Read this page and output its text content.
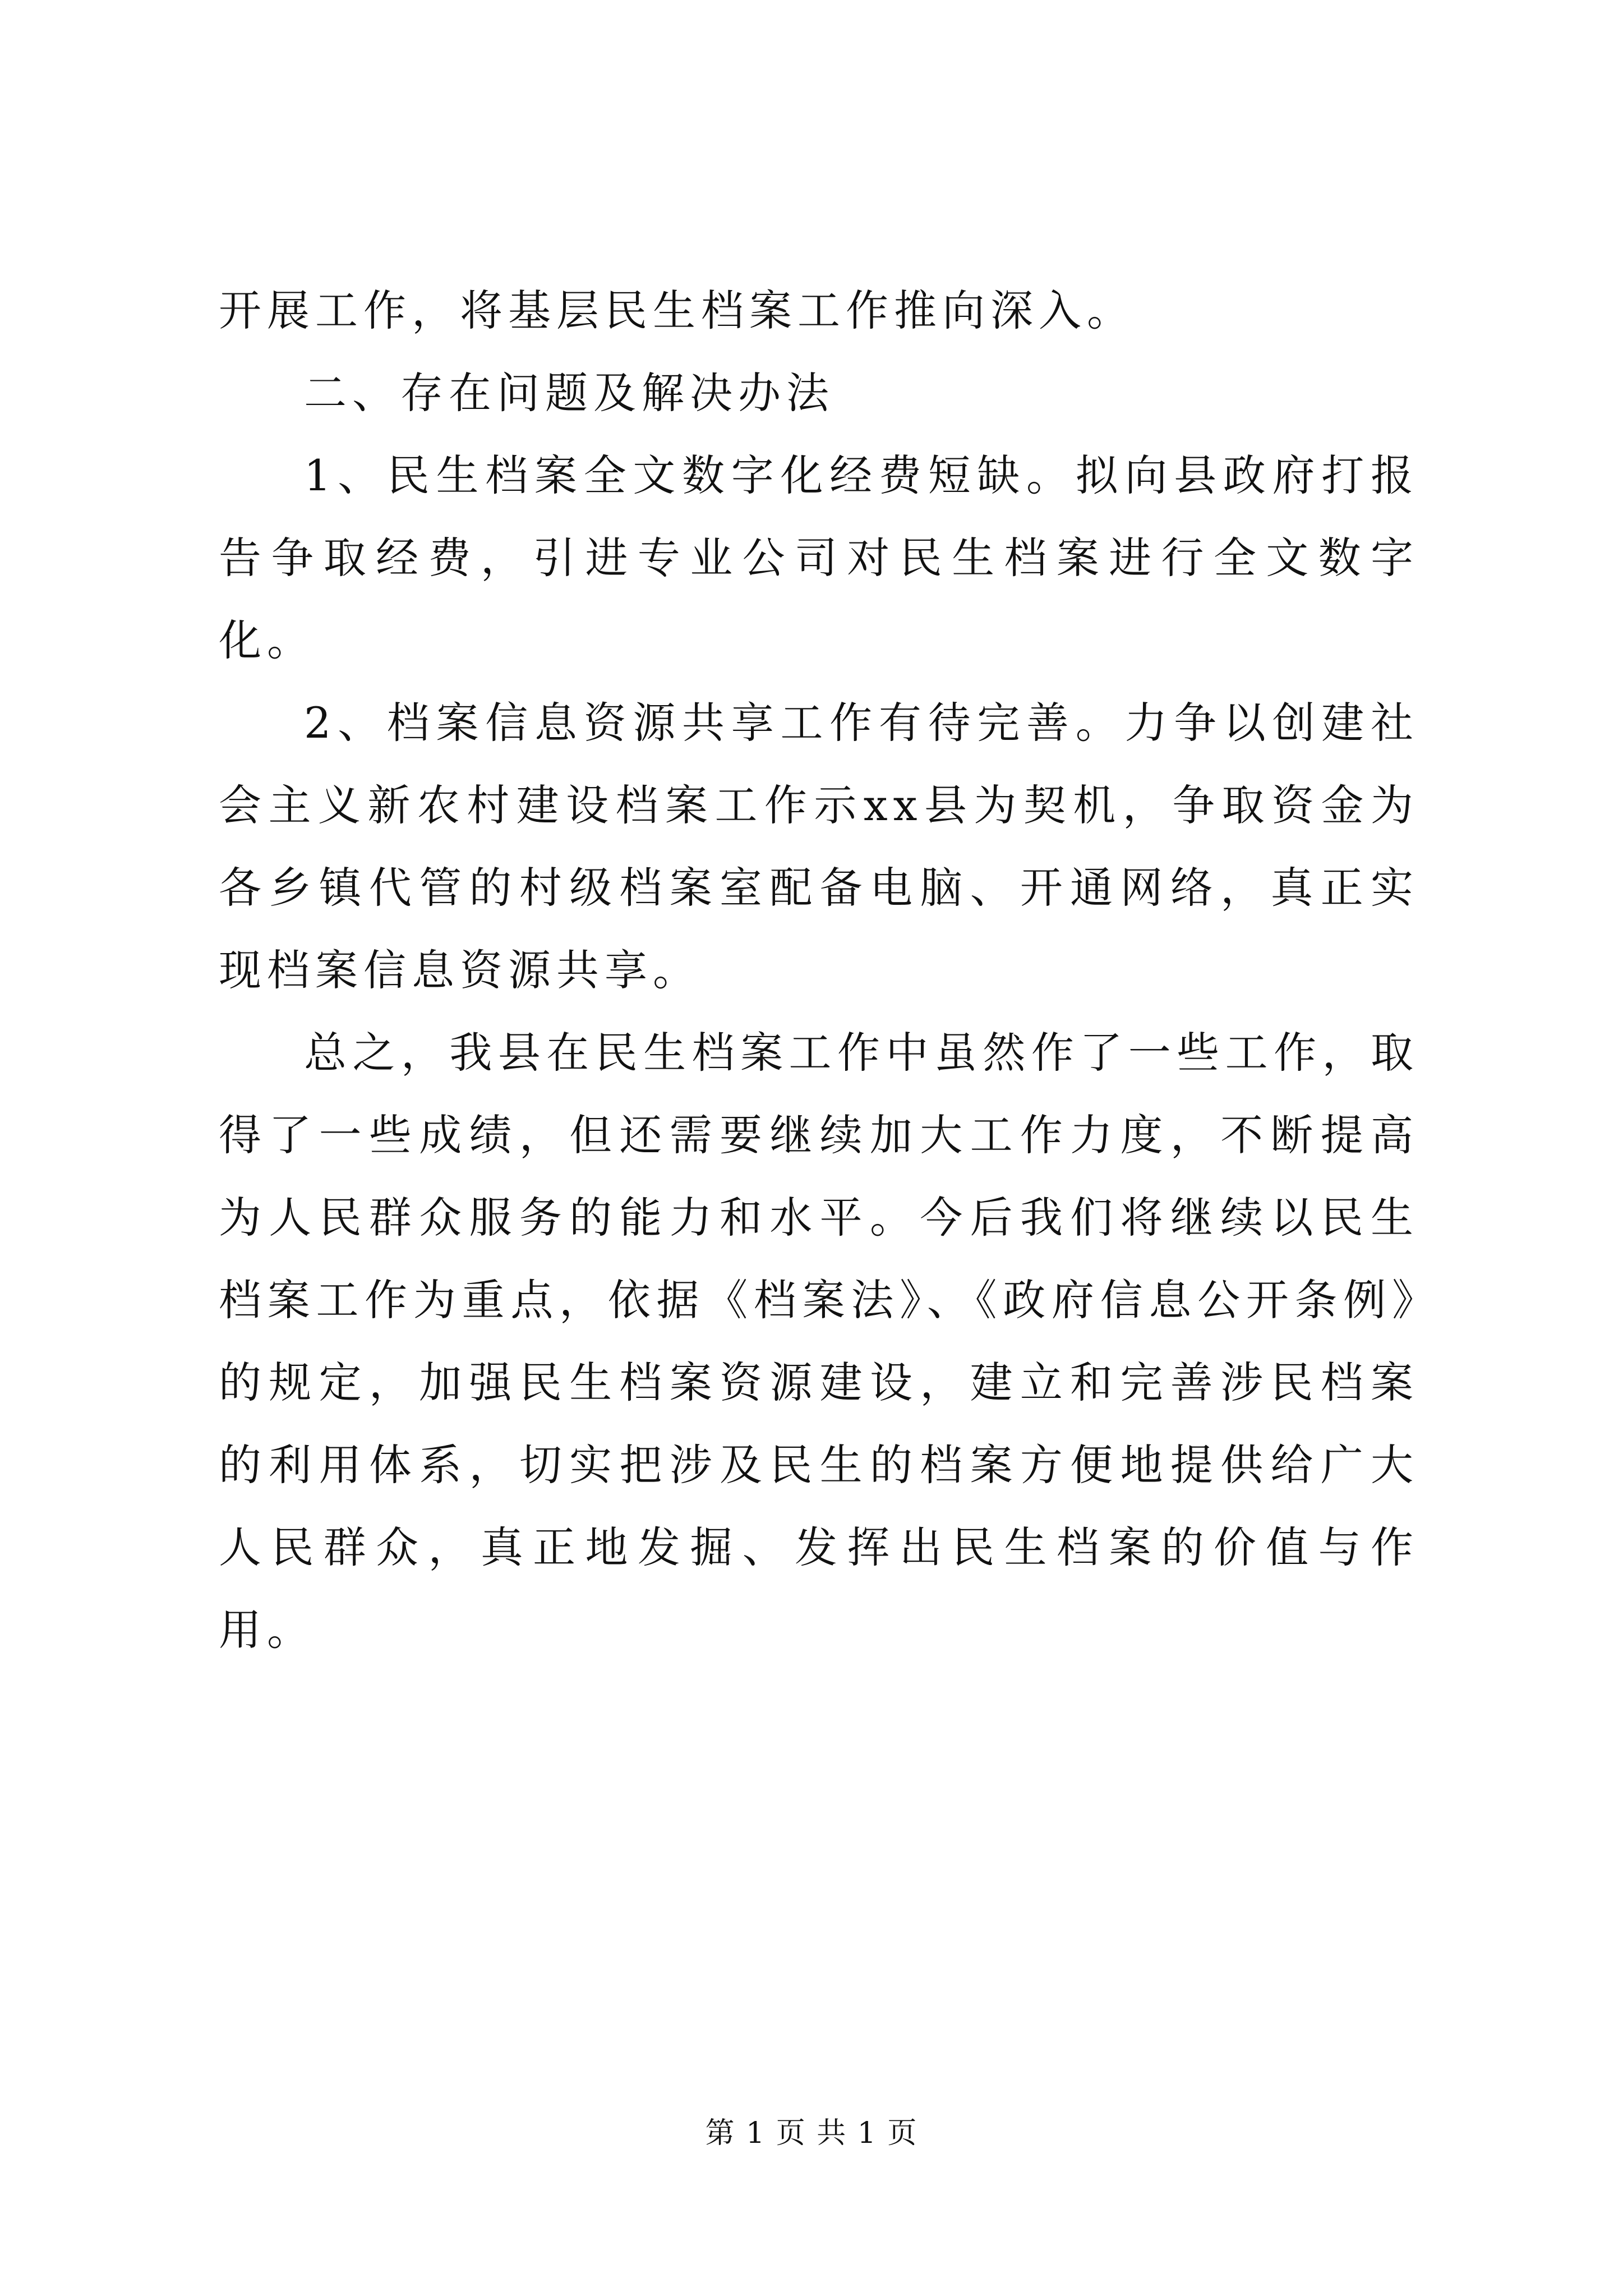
开展工作，将基层民生档案工作推向深入。

二、存在问题及解决办法

1、民生档案全文数字化经费短缺。拟向县政府打报告争取经费，引进专业公司对民生档案进行全文数字化。

2、档案信息资源共享工作有待完善。力争以创建社会主义新农村建设档案工作示xx县为契机，争取资金为各乡镇代管的村级档案室配备电脑、开通网络，真正实现档案信息资源共享。

总之，我县在民生档案工作中虽然作了一些工作，取得了一些成绩，但还需要继续加大工作力度，不断提高为人民群众服务的能力和水平。今后我们将继续以民生档案工作为重点，依据《档案法》、《政府信息公开条例》的规定，加强民生档案资源建设，建立和完善涉民档案的利用体系，切实把涉及民生的档案方便地提供给广大人民群众，真正地发掘、发挥出民生档案的价值与作用。

第 1 页 共 1 页
